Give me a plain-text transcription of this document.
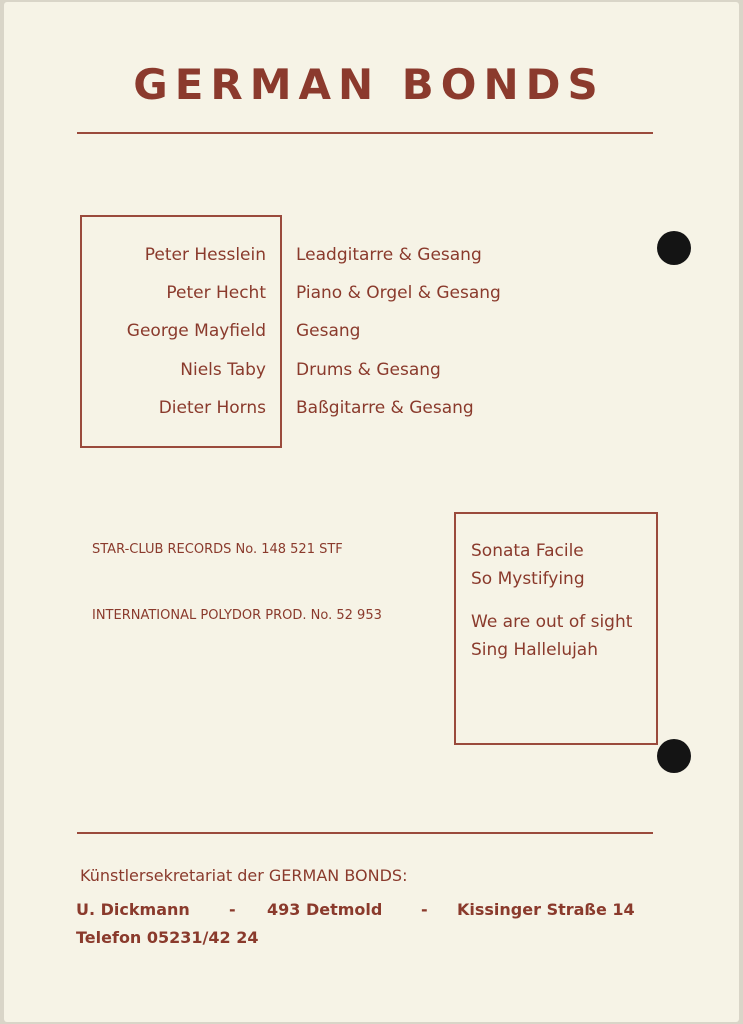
GERMAN BONDS
Peter Hesslein Leadgitarre & Gesang
Peter Hecht Piano & Orgel & Gesang
George Mayfield Gesang
Niels Taby Drums & Gesang
Dieter Horns Baßgitarre & Gesang
STAR-CLUB RECORDS No. 148 521 STF
INTERNATIONAL POLYDOR PROD. No. 52 953
Sonata Facile
So Mystifying
We are out of sight
Sing Hallelujah
Künstlersekretariat der GERMAN BONDS:
U. Dickmann - 493 Detmold - Kissinger Straße 14
Telefon 05231/42 24
